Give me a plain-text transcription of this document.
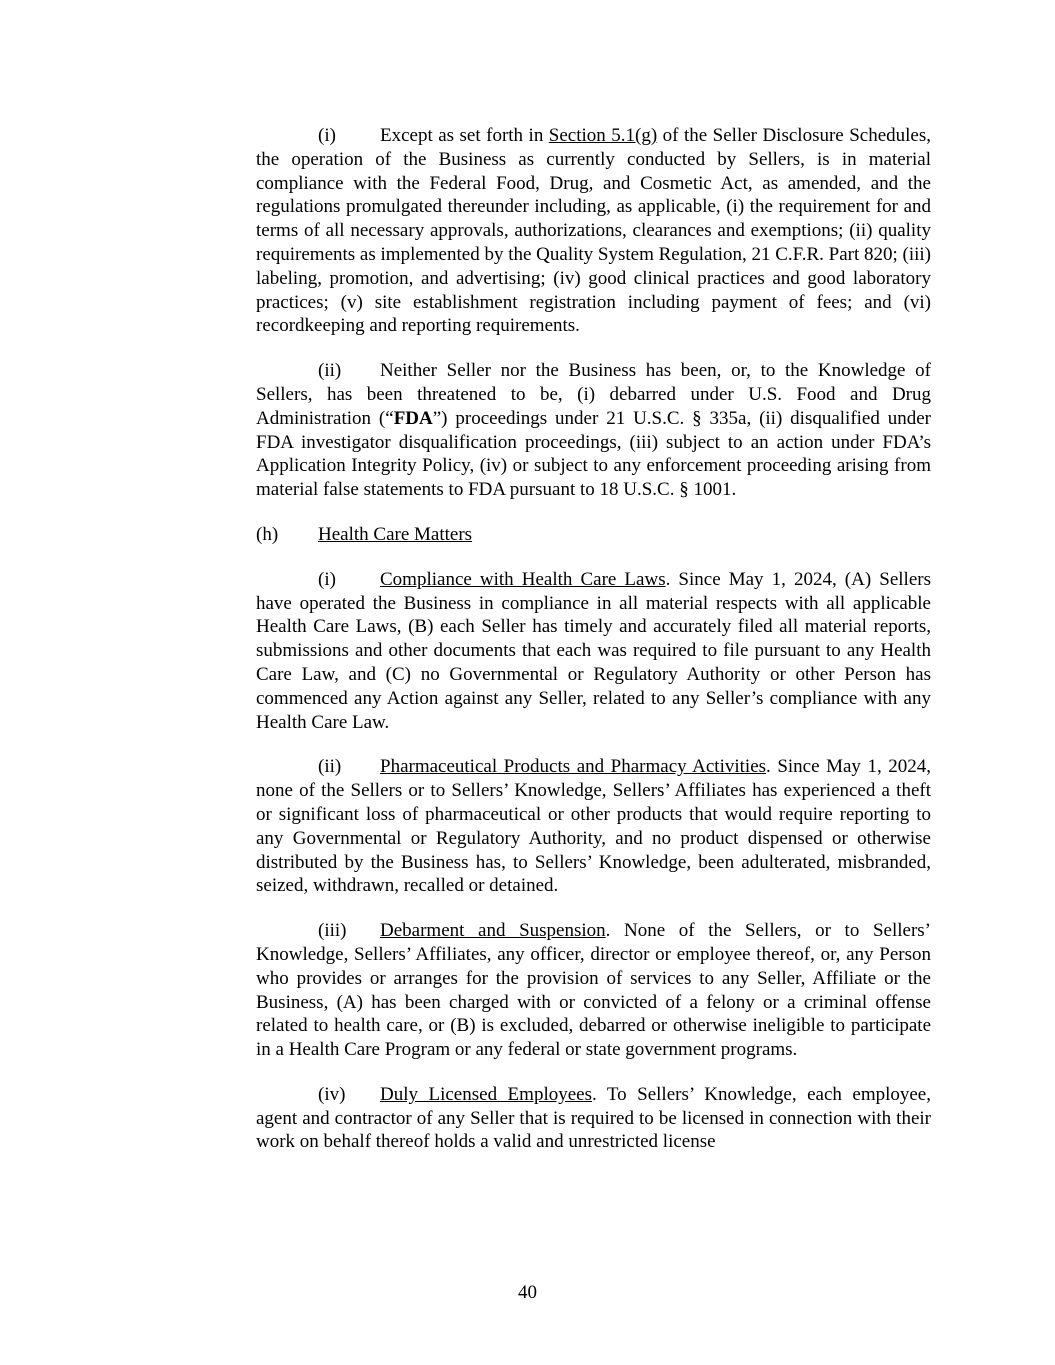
(i) Except as set forth in Section 5.1(g) of the Seller Disclosure Schedules, the operation of the Business as currently conducted by Sellers, is in material compliance with the Federal Food, Drug, and Cosmetic Act, as amended, and the regulations promulgated thereunder including, as applicable, (i) the requirement for and terms of all necessary approvals, authorizations, clearances and exemptions; (ii) quality requirements as implemented by the Quality System Regulation, 21 C.F.R. Part 820; (iii) labeling, promotion, and advertising; (iv) good clinical practices and good laboratory practices; (v) site establishment registration including payment of fees; and (vi) recordkeeping and reporting requirements.

(ii) Neither Seller nor the Business has been, or, to the Knowledge of Sellers, has been threatened to be, (i) debarred under U.S. Food and Drug Administration (“FDA”) proceedings under 21 U.S.C. § 335a, (ii) disqualified under FDA investigator disqualification proceedings, (iii) subject to an action under FDA’s Application Integrity Policy, (iv) or subject to any enforcement proceeding arising from material false statements to FDA pursuant to 18 U.S.C. § 1001.

(h) Health Care Matters

(i) Compliance with Health Care Laws. Since May 1, 2024, (A) Sellers have operated the Business in compliance in all material respects with all applicable Health Care Laws, (B) each Seller has timely and accurately filed all material reports, submissions and other documents that each was required to file pursuant to any Health Care Law, and (C) no Governmental or Regulatory Authority or other Person has commenced any Action against any Seller, related to any Seller’s compliance with any Health Care Law.

(ii) Pharmaceutical Products and Pharmacy Activities. Since May 1, 2024, none of the Sellers or to Sellers’ Knowledge, Sellers’ Affiliates has experienced a theft or significant loss of pharmaceutical or other products that would require reporting to any Governmental or Regulatory Authority, and no product dispensed or otherwise distributed by the Business has, to Sellers’ Knowledge, been adulterated, misbranded, seized, withdrawn, recalled or detained.

(iii) Debarment and Suspension. None of the Sellers, or to Sellers’ Knowledge, Sellers’ Affiliates, any officer, director or employee thereof, or, any Person who provides or arranges for the provision of services to any Seller, Affiliate or the Business, (A) has been charged with or convicted of a felony or a criminal offense related to health care, or (B) is excluded, debarred or otherwise ineligible to participate in a Health Care Program or any federal or state government programs.

(iv) Duly Licensed Employees. To Sellers’ Knowledge, each employee, agent and contractor of any Seller that is required to be licensed in connection with their work on behalf thereof holds a valid and unrestricted license

40
